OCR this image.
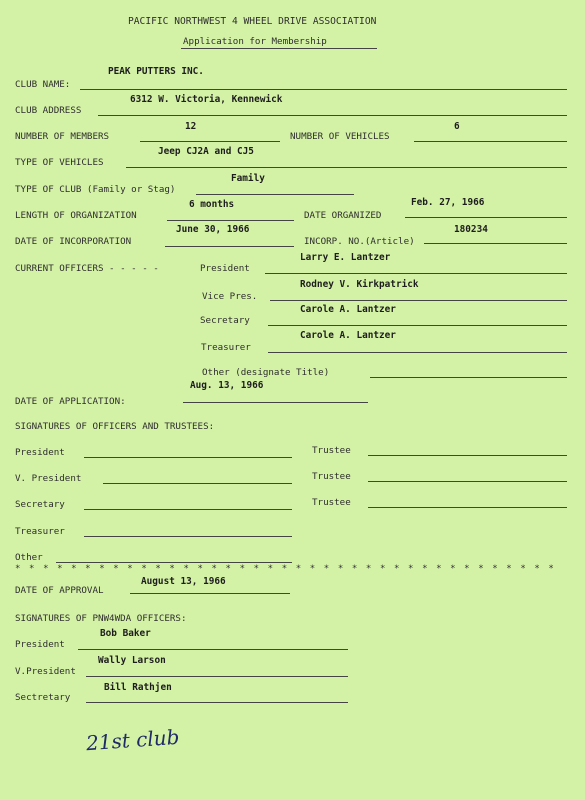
PACIFIC NORTHWEST 4 WHEEL DRIVE ASSOCIATION
Application for Membership
CLUB NAME:
PEAK PUTTERS INC.
CLUB ADDRESS
6312 W. Victoria, Kennewick
NUMBER OF MEMBERS
12
NUMBER OF VEHICLES
6
TYPE OF VEHICLES
Jeep CJ2A and CJ5
TYPE OF CLUB (Family or Stag)
Family
LENGTH OF ORGANIZATION
6 months
DATE ORGANIZED
Feb. 27, 1966
DATE OF INCORPORATION
June 30, 1966
INCORP. NO.(Article)
180234
CURRENT OFFICERS - - - - -	President
Larry E. Lantzer
Vice Pres.
Rodney V. Kirkpatrick
Secretary
Carole A. Lantzer
Treasurer
Carole A. Lantzer
Other (designate Title)
DATE OF APPLICATION:
Aug. 13, 1966
SIGNATURES OF OFFICERS AND TRUSTEES:
President	Trustee
V. President	Trustee
Secretary	Trustee
Treasurer
Other
* * * * * * * * * * * * * * * * * * * * * * * * * * * * * * * * * * * * * * *
DATE OF APPROVAL
August 13, 1966
SIGNATURES OF PNW4WDA OFFICERS:
President
Bob Baker
V.President
Wally Larson
Sectretary
Bill Rathjen
21st club
